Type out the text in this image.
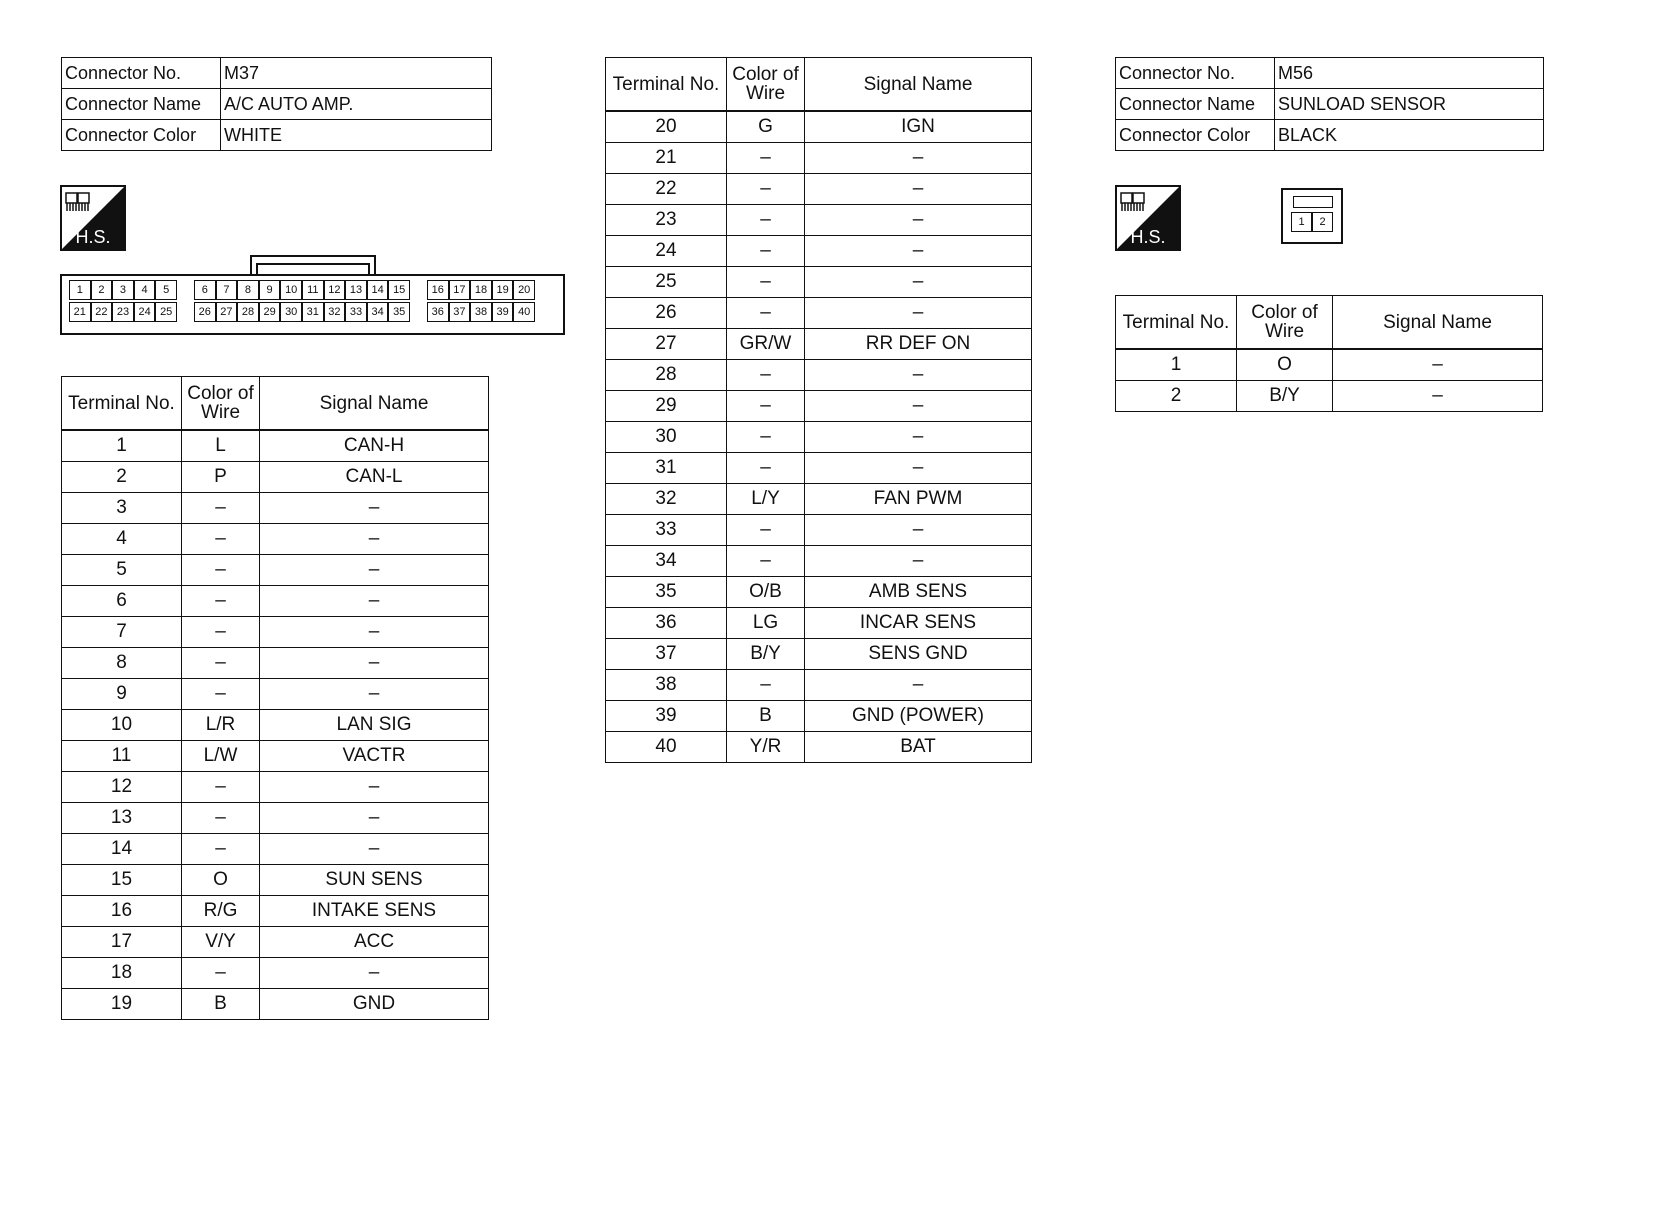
Connector No.	M37
Connector Name	A/C AUTO AMP.
Connector Color	WHITE
H.S.
1	2	3	4	5	6	7	8	9	10 11 12 13 14 15	16 17 18 19 20
21 22 23 24 25	26 27 28 29 30 31 32 33 34 35	36 37 38 39 40
Terminal No.	Color of Wire	Signal Name
1	L	CAN-H
2	P	CAN-L
3	–	–
4	–	–
5	–	–
6	–	–
7	–	–
8	–	–
9	–	–
10	L/R	LAN SIG
11	L/W	VACTR
12	–	–
13	–	–
14	–	–
15	O	SUN SENS
16	R/G	INTAKE SENS
17	V/Y	ACC
18	–	–
19	B	GND
Terminal No.	Color of Wire	Signal Name
20	G	IGN
21	–	–
22	–	–
23	–	–
24	–	–
25	–	–
26	–	–
27	GR/W	RR DEF ON
28	–	–
29	–	–
30	–	–
31	–	–
32	L/Y	FAN PWM
33	–	–
34	–	–
35	O/B	AMB SENS
36	LG	INCAR SENS
37	B/Y	SENS GND
38	–	–
39	B	GND (POWER)
40	Y/R	BAT
Connector No.	M56
Connector Name	SUNLOAD SENSOR
Connector Color	BLACK
H.S.
1	2
Terminal No.	Color of Wire	Signal Name
1	O	–
2	B/Y	–
